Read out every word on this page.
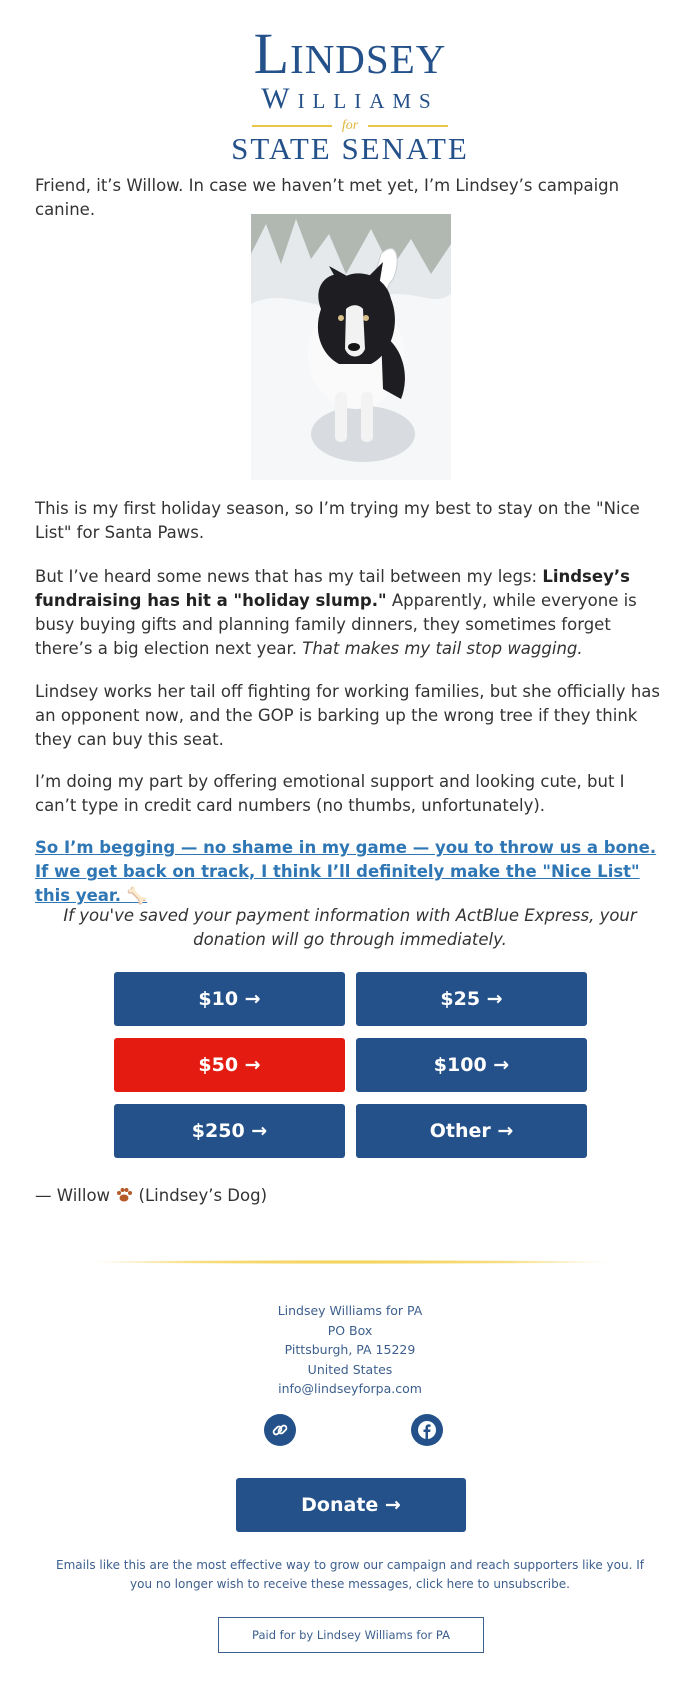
Lindsey
Williams
for
STATE SENATE
Friend, it’s Willow. In case we haven’t met yet, I’m Lindsey’s campaign canine.
This is my first holiday season, so I’m trying my best to stay on the "Nice List" for Santa Paws.
But I’ve heard some news that has my tail between my legs: Lindsey’s fundraising has hit a "holiday slump." Apparently, while everyone is busy buying gifts and planning family dinners, they sometimes forget there’s a big election next year. That makes my tail stop wagging.
Lindsey works her tail off fighting for working families, but she officially has an opponent now, and the GOP is barking up the wrong tree if they think they can buy this seat.
I’m doing my part by offering emotional support and looking cute, but I can’t type in credit card numbers (no thumbs, unfortunately).
So I’m begging — no shame in my game — you to throw us a bone. If we get back on track, I think I’ll definitely make the "Nice List" this year. 🦴
If you've saved your payment information with ActBlue Express, your donation will go through immediately.
$10 →	$25 →
$50 →	$100 →
$250 →	Other →
— Willow (Lindsey’s Dog)
Lindsey Williams for PA
PO Box
Pittsburgh, PA 15229
United States
info@lindseyforpa.com
Donate →
Emails like this are the most effective way to grow our campaign and reach supporters like you. If you no longer wish to receive these messages, click here to unsubscribe.
Paid for by Lindsey Williams for PA
